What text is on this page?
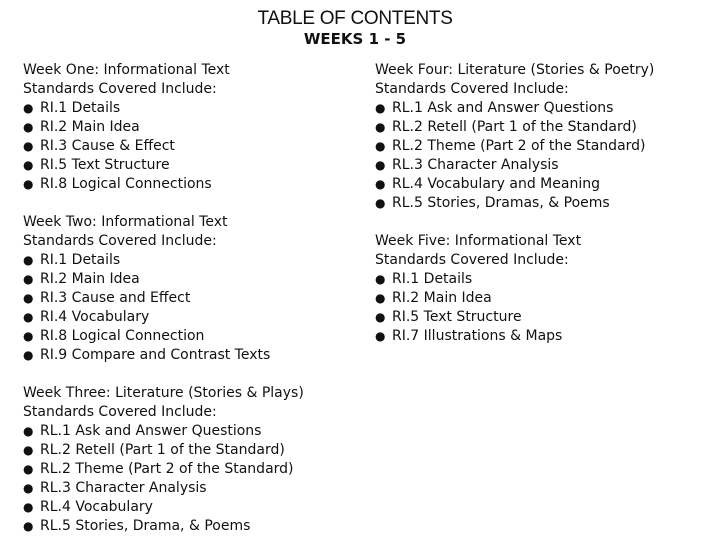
TABLE OF CONTENTS
WEEKS 1 - 5
Week One: Informational Text
Standards Covered Include:
● RI.1 Details
● RI.2 Main Idea
● RI.3 Cause & Effect
● RI.5 Text Structure
● RI.8 Logical Connections
Week Two: Informational Text
Standards Covered Include:
● RI.1 Details
● RI.2 Main Idea
● RI.3 Cause and Effect
● RI.4 Vocabulary
● RI.8 Logical Connection
● RI.9 Compare and Contrast Texts
Week Three: Literature (Stories & Plays)
Standards Covered Include:
● RL.1 Ask and Answer Questions
● RL.2 Retell (Part 1 of the Standard)
● RL.2 Theme (Part 2 of the Standard)
● RL.3 Character Analysis
● RL.4 Vocabulary
● RL.5 Stories, Drama, & Poems
Week Four: Literature (Stories & Poetry)
Standards Covered Include:
● RL.1 Ask and Answer Questions
● RL.2 Retell (Part 1 of the Standard)
● RL.2 Theme (Part 2 of the Standard)
● RL.3 Character Analysis
● RL.4 Vocabulary and Meaning
● RL.5 Stories, Dramas, & Poems
Week Five: Informational Text
Standards Covered Include:
● RI.1 Details
● RI.2 Main Idea
● RI.5 Text Structure
● RI.7 Illustrations & Maps
